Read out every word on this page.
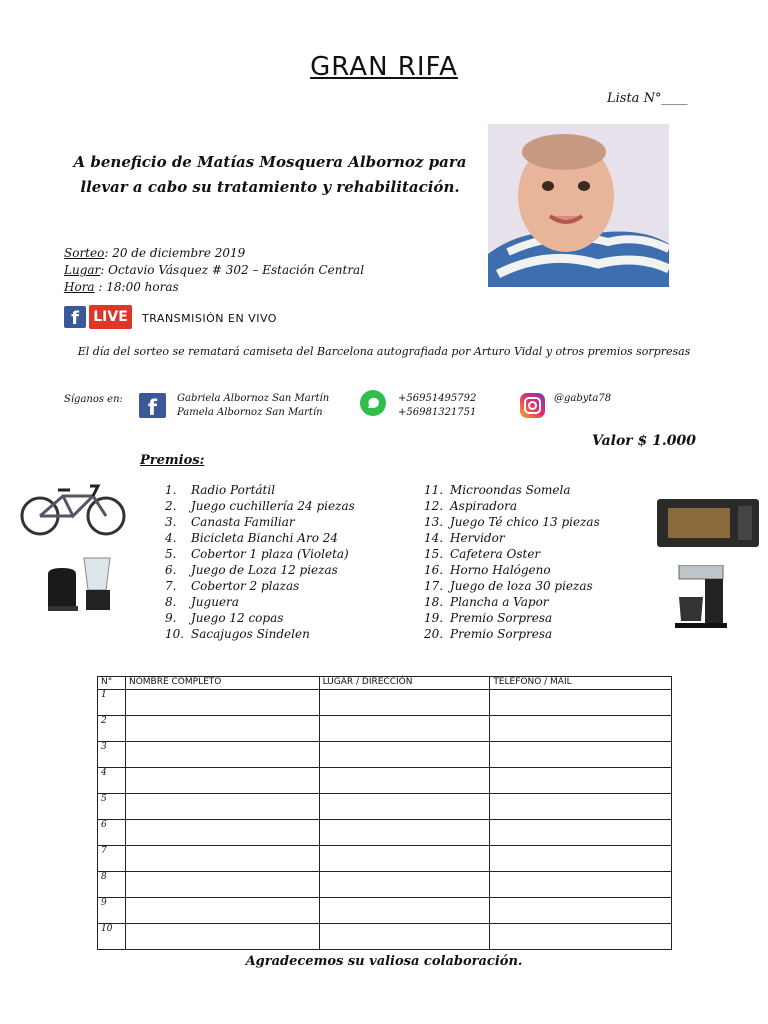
GRAN RIFA
Lista N°____
A beneficio de Matías Mosquera Albornoz para llevar a cabo su tratamiento y rehabilitación.
Sorteo: 20 de diciembre 2019
Lugar: Octavio Vásquez # 302 – Estación Central
Hora : 18:00 horas
f	LIVE	TRANSMISIÓN EN VIVO
El día del sorteo se rematará camiseta del Barcelona autografiada por Arturo Vidal y otros premios sorpresas
Síganos en:	f	Gabriela Albornoz San Martín
Pamela Albornoz San Martín
+56951495792
+56981321751
@gabyta78
Valor $ 1.000
Premios:
1. Radio Portátil
2. Juego cuchillería 24 piezas
3. Canasta Familiar
4. Bicicleta Bianchi Aro 24
5. Cobertor 1 plaza (Violeta)
6. Juego de Loza 12 piezas
7. Cobertor 2 plazas
8. Juguera
9. Juego 12 copas
10. Sacajugos Sindelen
11. Microondas Somela
12. Aspiradora
13. Juego Té chico 13 piezas
14. Hervidor
15. Cafetera Oster
16. Horno Halógeno
17. Juego de loza 30 piezas
18. Plancha a Vapor
19. Premio Sorpresa
20. Premio Sorpresa
N°	NOMBRE COMPLETO	LUGAR / DIRECCIÓN	TELÉFONO / MAIL
1			
2			
3			
4			
5			
6			
7			
8			
9			
10			
Agradecemos su valiosa colaboración.
